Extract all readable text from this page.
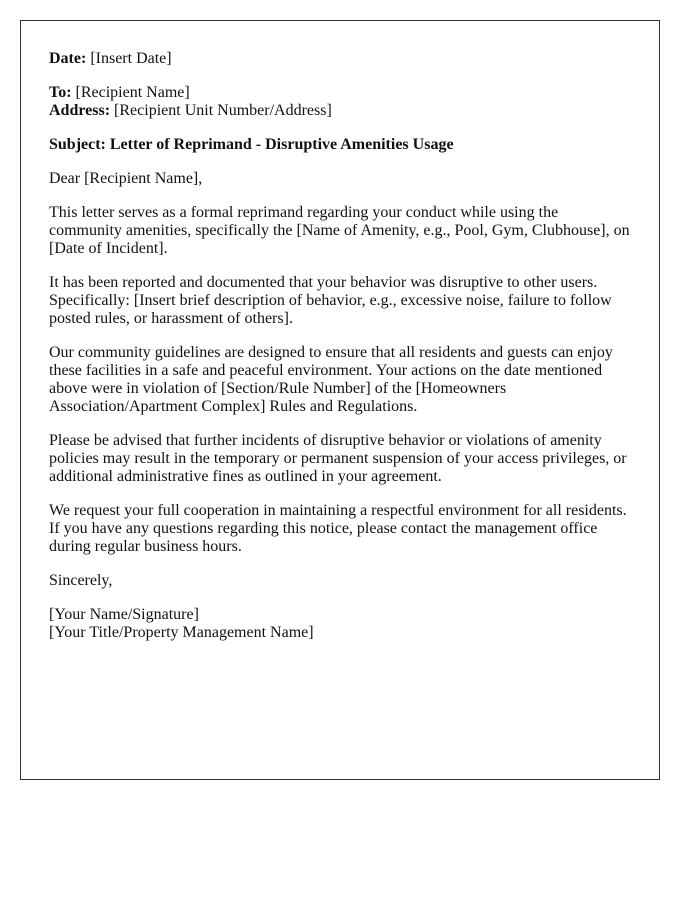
Date: [Insert Date]

To: [Recipient Name]
Address: [Recipient Unit Number/Address]

Subject: Letter of Reprimand - Disruptive Amenities Usage

Dear [Recipient Name],

This letter serves as a formal reprimand regarding your conduct while using the community amenities, specifically the [Name of Amenity, e.g., Pool, Gym, Clubhouse], on [Date of Incident].

It has been reported and documented that your behavior was disruptive to other users. Specifically: [Insert brief description of behavior, e.g., excessive noise, failure to follow posted rules, or harassment of others].

Our community guidelines are designed to ensure that all residents and guests can enjoy these facilities in a safe and peaceful environment. Your actions on the date mentioned above were in violation of [Section/Rule Number] of the [Homeowners Association/Apartment Complex] Rules and Regulations.

Please be advised that further incidents of disruptive behavior or violations of amenity policies may result in the temporary or permanent suspension of your access privileges, or additional administrative fines as outlined in your agreement.

We request your full cooperation in maintaining a respectful environment for all residents. If you have any questions regarding this notice, please contact the management office during regular business hours.

Sincerely,

[Your Name/Signature]
[Your Title/Property Management Name]
